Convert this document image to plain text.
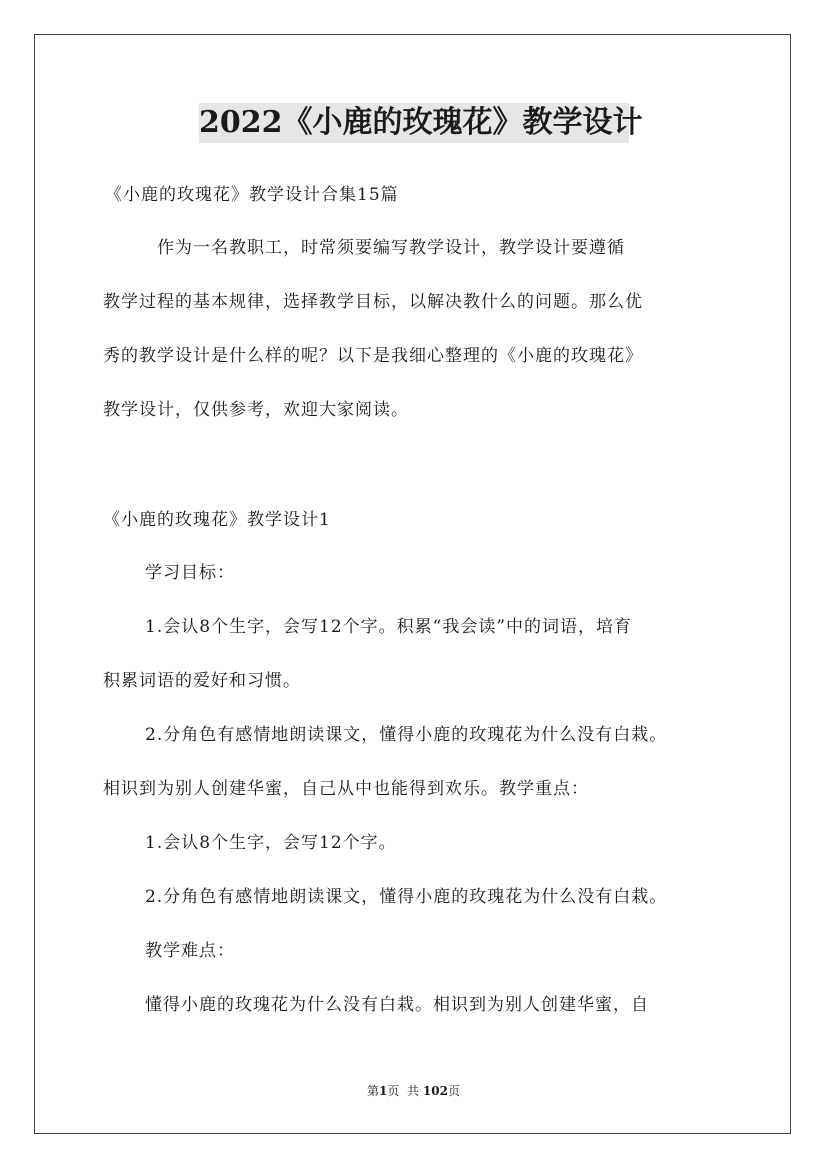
2022《小鹿的玫瑰花》教学设计
《小鹿的玫瑰花》教学设计合集15篇
作为一名教职工，时常须要编写教学设计，教学设计要遵循
教学过程的基本规律，选择教学目标，以解决教什么的问题。那么优
秀的教学设计是什么样的呢？以下是我细心整理的《小鹿的玫瑰花》
教学设计，仅供参考，欢迎大家阅读。
《小鹿的玫瑰花》教学设计1
学习目标：
1.会认8个生字，会写12个字。积累“我会读”中的词语，培育
积累词语的爱好和习惯。
2.分角色有感情地朗读课文，懂得小鹿的玫瑰花为什么没有白栽。
相识到为别人创建华蜜，自己从中也能得到欢乐。教学重点：
1.会认8个生字，会写12个字。
2.分角色有感情地朗读课文，懂得小鹿的玫瑰花为什么没有白栽。
教学难点：
懂得小鹿的玫瑰花为什么没有白栽。相识到为别人创建华蜜，自
第1页 共 102页
